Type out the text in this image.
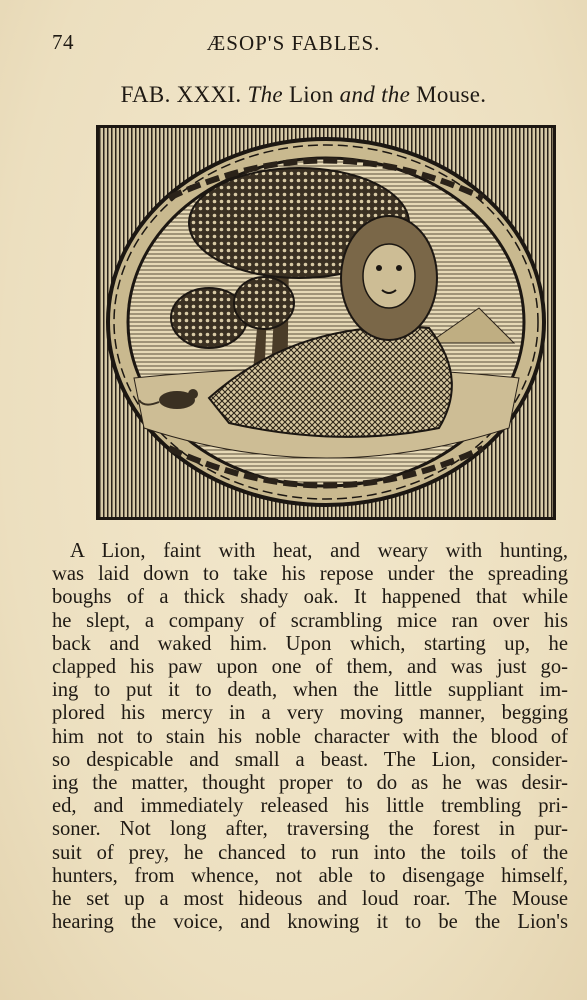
74	ÆSOP'S FABLES.
FAB. XXXI. The Lion and the Mouse.
A Lion, faint with heat, and weary with hunting,
was laid down to take his repose under the spreading
boughs of a thick shady oak. It happened that while
he slept, a company of scrambling mice ran over his
back and waked him. Upon which, starting up, he
clapped his paw upon one of them, and was just go-
ing to put it to death, when the little suppliant im-
plored his mercy in a very moving manner, begging
him not to stain his noble character with the blood of
so despicable and small a beast. The Lion, consider-
ing the matter, thought proper to do as he was desir-
ed, and immediately released his little trembling pri-
soner. Not long after, traversing the forest in pur-
suit of prey, he chanced to run into the toils of the
hunters, from whence, not able to disengage himself,
he set up a most hideous and loud roar. The Mouse
hearing the voice, and knowing it to be the Lion's
